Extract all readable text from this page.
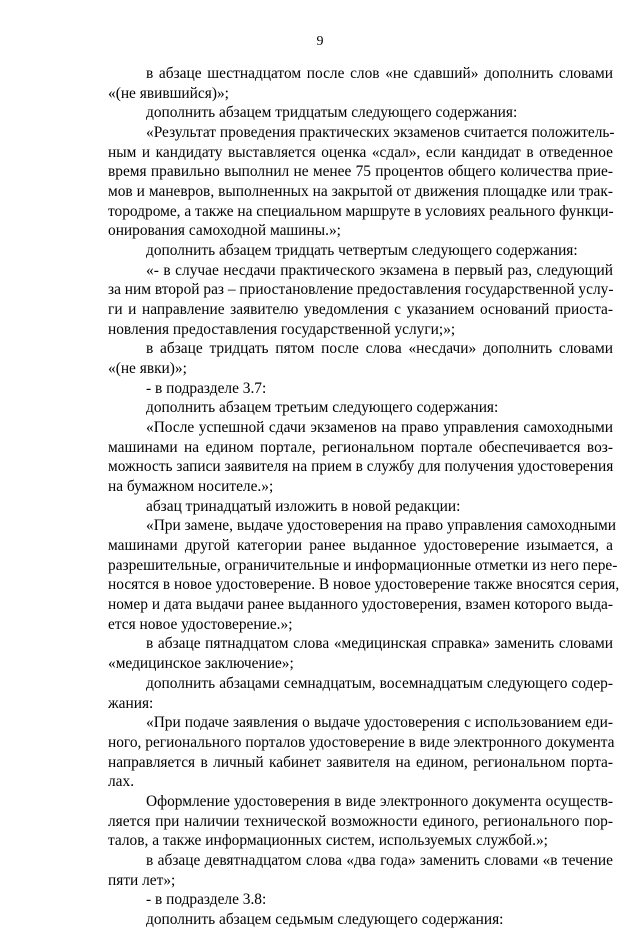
9
в абзаце шестнадцатом после слов «не сдавший» дополнить словами
«(не явившийся)»;
дополнить абзацем тридцатым следующего содержания:
«Результат проведения практических экзаменов считается положитель-
ным и кандидату выставляется оценка «сдал», если кандидат в отведенное
время правильно выполнил не менее 75 процентов общего количества прие-
мов и маневров, выполненных на закрытой от движения площадке или трак-
тородроме, а также на специальном маршруте в условиях реального функци-
онирования самоходной машины.»;
дополнить абзацем тридцать четвертым следующего содержания:
«- в случае несдачи практического экзамена в первый раз, следующий
за ним второй раз – приостановление предоставления государственной услу-
ги и направление заявителю уведомления с указанием оснований приоста-
новления предоставления государственной услуги;»;
в абзаце тридцать пятом после слова «несдачи» дополнить словами
«(не явки)»;
- в подразделе 3.7:
дополнить абзацем третьим следующего содержания:
«После успешной сдачи экзаменов на право управления самоходными
машинами на едином портале, региональном портале обеспечивается воз-
можность записи заявителя на прием в службу для получения удостоверения
на бумажном носителе.»;
абзац тринадцатый изложить в новой редакции:
«При замене, выдаче удостоверения на право управления самоходными
машинами другой категории ранее выданное удостоверение изымается, а
разрешительные, ограничительные и информационные отметки из него пере-
носятся в новое удостоверение. В новое удостоверение также вносятся серия,
номер и дата выдачи ранее выданного удостоверения, взамен которого выда-
ется новое удостоверение.»;
в абзаце пятнадцатом слова «медицинская справка» заменить словами
«медицинское заключение»;
дополнить абзацами семнадцатым, восемнадцатым следующего содер-
жания:
«При подаче заявления о выдаче удостоверения с использованием еди-
ного, регионального порталов удостоверение в виде электронного документа
направляется в личный кабинет заявителя на едином, региональном порта-
лах.
Оформление удостоверения в виде электронного документа осуществ-
ляется при наличии технической возможности единого, регионального пор-
талов, а также информационных систем, используемых службой.»;
в абзаце девятнадцатом слова «два года» заменить словами «в течение
пяти лет»;
- в подразделе 3.8:
дополнить абзацем седьмым следующего содержания:
